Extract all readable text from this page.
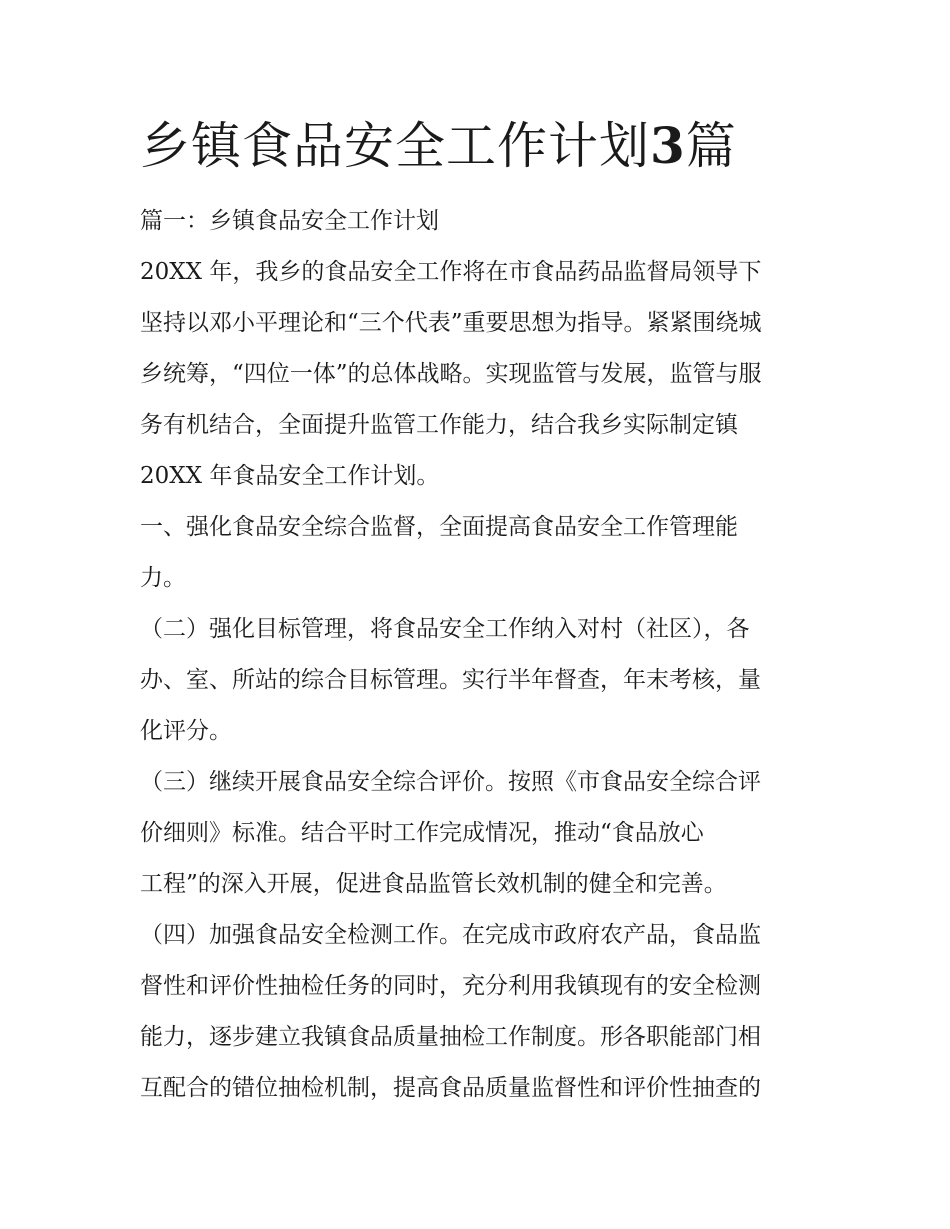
乡镇食品安全工作计划3篇

篇一：乡镇食品安全工作计划

20XX 年，我乡的食品安全工作将在市食品药品监督局领导下

坚持以邓小平理论和“三个代表”重要思想为指导。紧紧围绕城

乡统筹，“四位一体”的总体战略。实现监管与发展，监管与服

务有机结合，全面提升监管工作能力，结合我乡实际制定镇

20XX 年食品安全工作计划。

一、强化食品安全综合监督，全面提高食品安全工作管理能

力。

（二）强化目标管理，将食品安全工作纳入对村（社区），各

办、室、所站的综合目标管理。实行半年督查，年末考核，量

化评分。

（三）继续开展食品安全综合评价。按照《市食品安全综合评

价细则》标准。结合平时工作完成情况，推动“食品放心

工程”的深入开展，促进食品监管长效机制的健全和完善。

（四）加强食品安全检测工作。在完成市政府农产品，食品监

督性和评价性抽检任务的同时，充分利用我镇现有的安全检测

能力，逐步建立我镇食品质量抽检工作制度。形各职能部门相

互配合的错位抽检机制，提高食品质量监督性和评价性抽查的
